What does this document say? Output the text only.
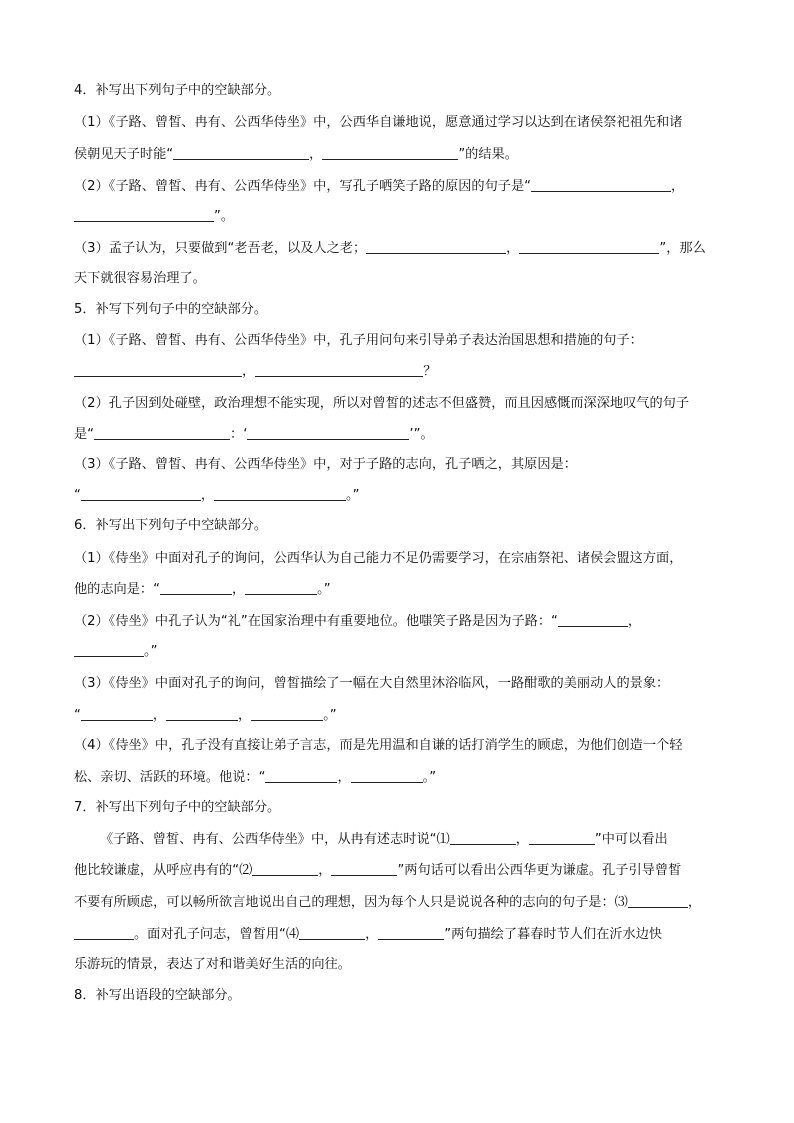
4．补写出下列句子中的空缺部分。
（1）《子路、曾皙、冉有、公西华侍坐》中，公西华自谦地说，愿意通过学习以达到在诸侯祭祀祖先和诸
侯朝见天子时能“	，	”的结果。
（2）《子路、曾皙、冉有、公西华侍坐》中，写孔子哂笑子路的原因的句子是“	，
”。
（3）孟子认为，只要做到“老吾老，以及人之老；	，	”，那么
天下就很容易治理了。
5．补写下列句子中的空缺部分。
（1）《子路、曾皙、冉有、公西华侍坐》中，孔子用问句来引导弟子表达治国思想和措施的句子：
，	？
（2）孔子因到处碰壁，政治理想不能实现，所以对曾皙的述志不但盛赞，而且因感慨而深深地叹气的句子
是“	：‘	’”。
（3）《子路、曾皙、冉有、公西华侍坐》中，对于子路的志向，孔子哂之，其原因是：
“	，	。”
6．补写出下列句子中空缺部分。
（1）《侍坐》中面对孔子的询问，公西华认为自己能力不足仍需要学习，在宗庙祭祀、诸侯会盟这方面，
他的志向是：“	，	。”
（2）《侍坐》中孔子认为“礼”在国家治理中有重要地位。他嗤笑子路是因为子路：“	，
。”
（3）《侍坐》中面对孔子的询问，曾皙描绘了一幅在大自然里沐浴临风，一路酣歌的美丽动人的景象：
“	，	，	。”
（4）《侍坐》中，孔子没有直接让弟子言志，而是先用温和自谦的话打消学生的顾虑，为他们创造一个轻
松、亲切、活跃的环境。他说：“	，	。”
7．补写出下列句子中的空缺部分。
《子路、曾皙、冉有、公西华侍坐》中，从冉有述志时说“⑴	，	”中可以看出
他比较谦虚，从呼应冉有的“⑵	，	”两句话可以看出公西华更为谦虚。孔子引导曾皙
不要有所顾虑，可以畅所欲言地说出自己的理想，因为每个人只是说说各种的志向的句子是：⑶	，
。面对孔子问志，曾皙用“⑷	，	”两句描绘了暮春时节人们在沂水边快
乐游玩的情景，表达了对和谐美好生活的向往。
8．补写出语段的空缺部分。
